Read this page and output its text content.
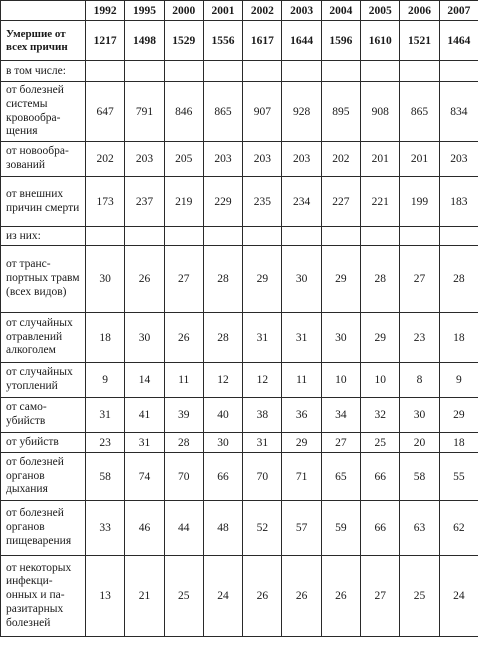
	1992	1995	2000	2001	2002	2003	2004	2005	2006	2007
Умершие от всех причин	1217	1498	1529	1556	1617	1644	1596	1610	1521	1464
в том числе:										
от болезней системы кровообра-щения	647	791	846	865	907	928	895	908	865	834
от новообра-зований	202	203	205	203	203	203	202	201	201	203
от внешних причин смерти	173	237	219	229	235	234	227	221	199	183
из них:										
от транс-портных травм (всех видов)	30	26	27	28	29	30	29	28	27	28
от случайных отравлений алкоголем	18	30	26	28	31	31	30	29	23	18
от случайных утоплений	9	14	11	12	12	11	10	10	8	9
от само-убийств	31	41	39	40	38	36	34	32	30	29
от убийств	23	31	28	30	31	29	27	25	20	18
от болезней органов дыхания	58	74	70	66	70	71	65	66	58	55
от болезней органов пищеварения	33	46	44	48	52	57	59	66	63	62
от некоторых инфекци-онных и па-разитарных болезней	13	21	25	24	26	26	26	27	25	24
